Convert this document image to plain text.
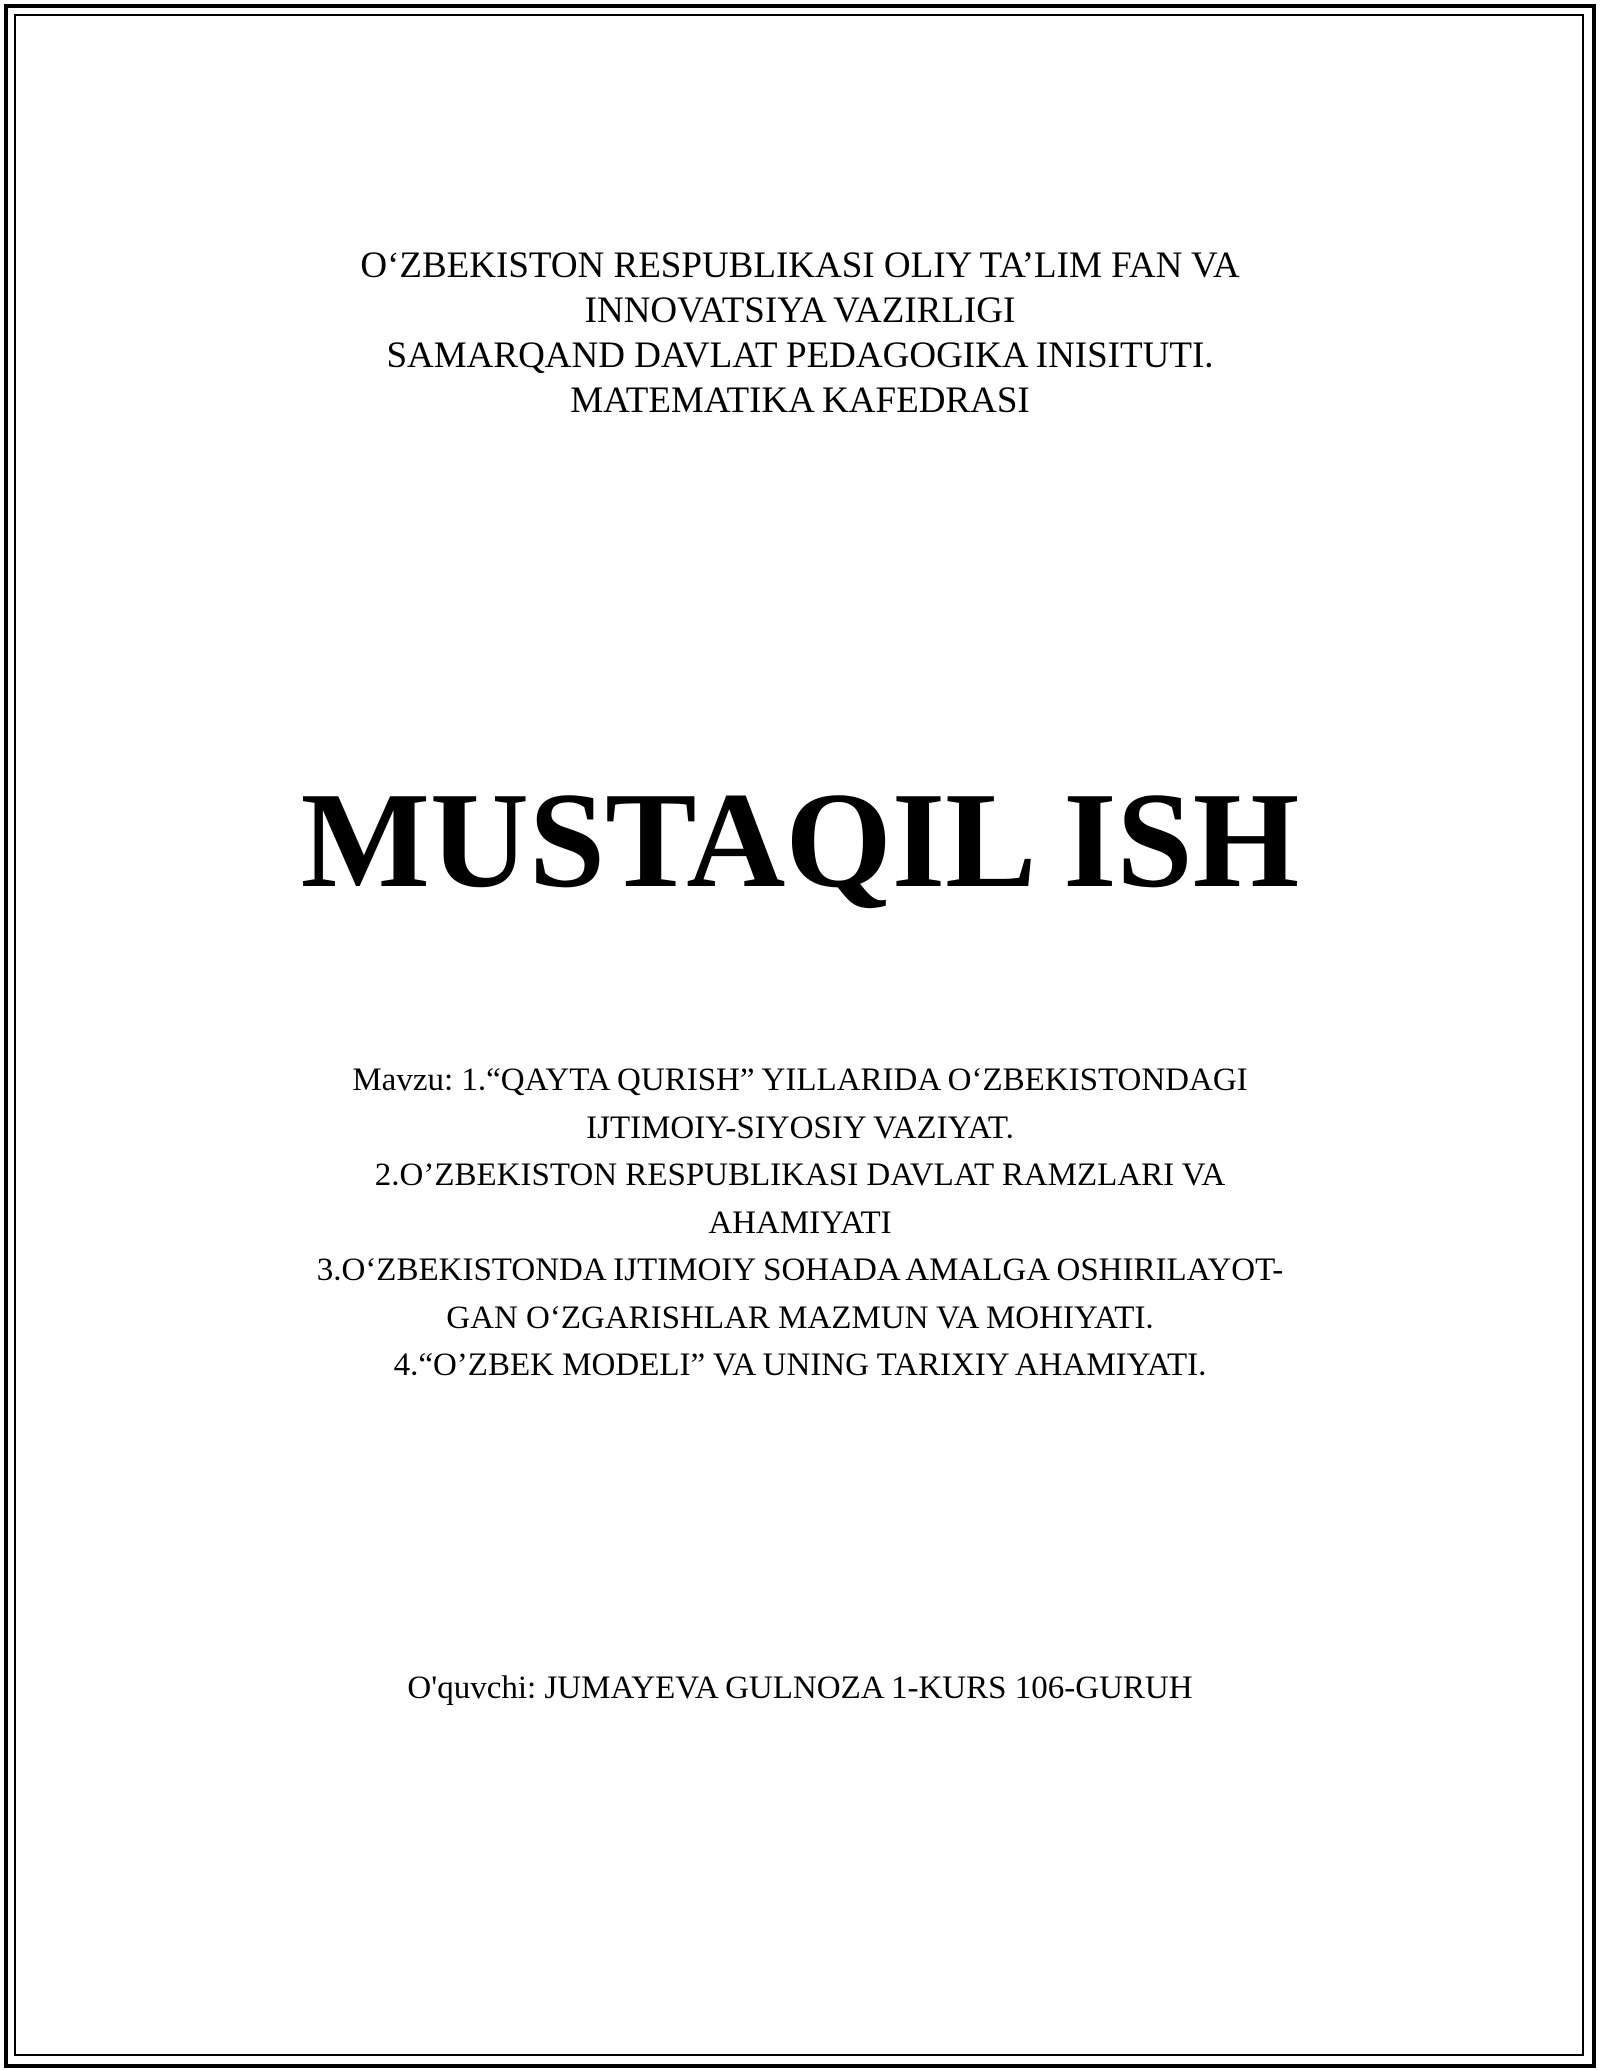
O‘ZBEKISTON RESPUBLIKASI OLIY TA’LIM FAN VA
INNOVATSIYA VAZIRLIGI
SAMARQAND DAVLAT PEDAGOGIKA INISITUTI.
MATEMATIKA KAFEDRASI
MUSTAQIL ISH
Mavzu: 1.“QAYTA QURISH” YILLARIDA O‘ZBEKISTONDAGI
IJTIMOIY-SIYOSIY VAZIYAT.
2.O’ZBEKISTON RESPUBLIKASI DAVLAT RAMZLARI VA
AHAMIYATI
3.O‘ZBEKISTONDA IJTIMOIY SOHADA AMALGA OSHIRILAYOT-
GAN O‘ZGARISHLAR MAZMUN VA MOHIYATI.
4.“O’ZBEK MODELI” VA UNING TARIXIY AHAMIYATI.
O'quvchi: JUMAYEVA GULNOZA 1-KURS 106-GURUH
